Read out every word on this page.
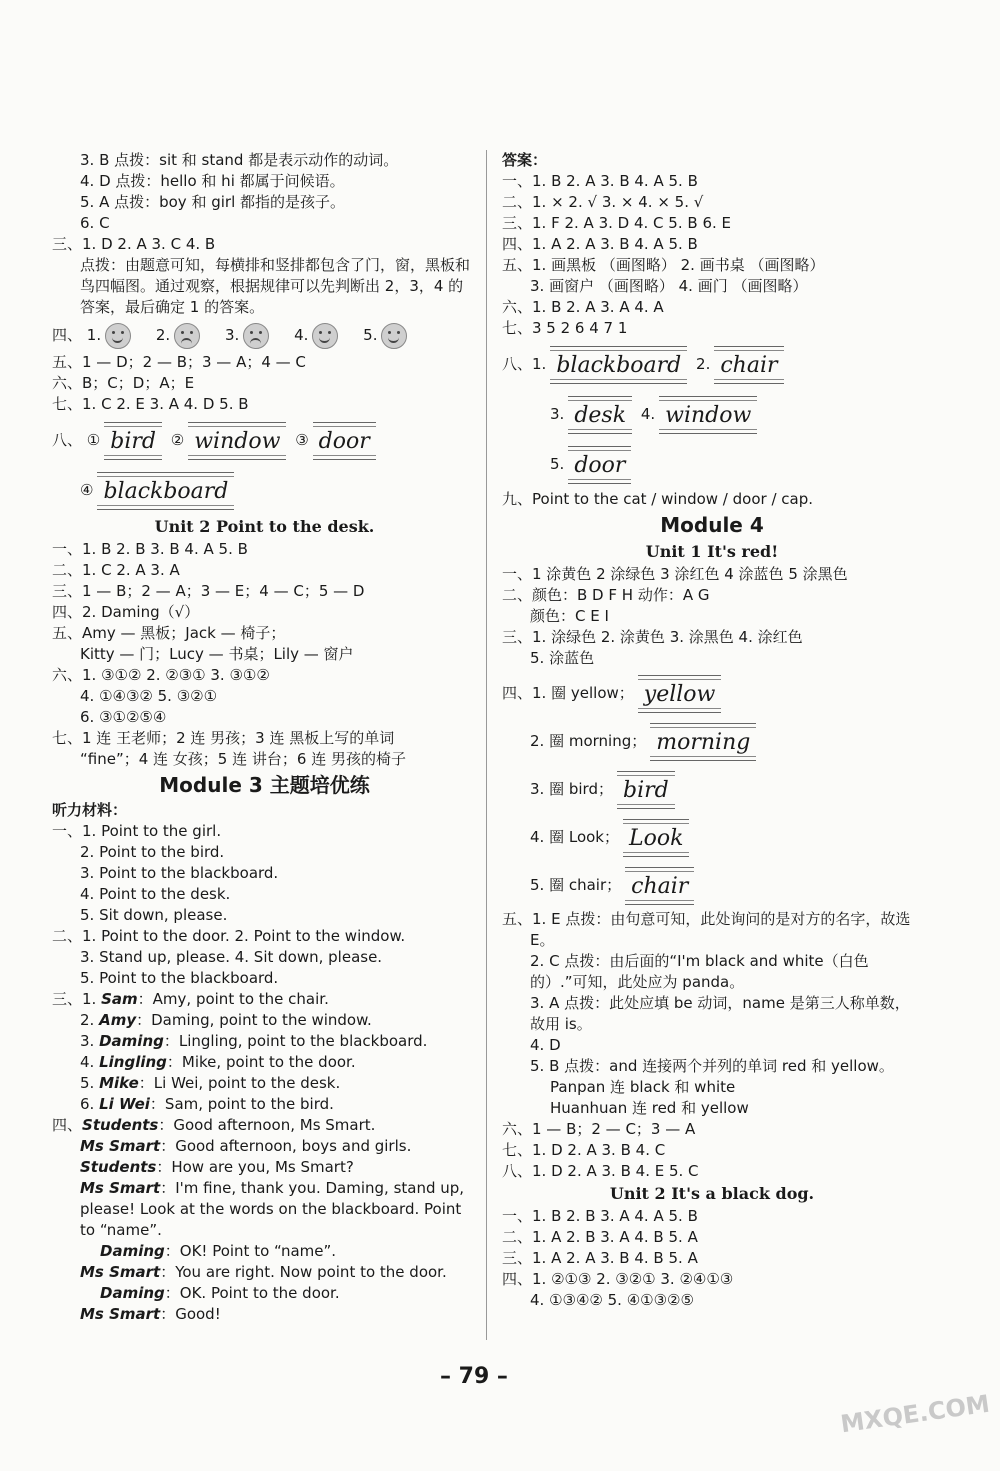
3. B 点拨：sit 和 stand 都是表示动作的动词。
4. D 点拨：hello 和 hi 都属于问候语。
5. A 点拨：boy 和 girl 都指的是孩子。
6. C
三、1. D 2. A 3. C 4. B
点拨：由题意可知，每横排和竖排都包含了门，窗，黑板和鸟四幅图。通过观察，根据规律可以先判断出 2，3，4 的答案，最后确定 1 的答案。
四、 1.	2.	3.	4.	5.
五、1 — D；2 — B；3 — A；4 — C
六、B；C；D；A；E
七、1. C 2. E 3. A 4. D 5. B
八、 ① bird ② window ③ door
④ blackboard
Unit 2 Point to the desk.
一、1. B 2. B 3. B 4. A 5. B
二、1. C 2. A 3. A
三、1 — B；2 — A；3 — E；4 — C；5 — D
四、2. Daming（√）
五、Amy — 黑板；Jack — 椅子；
Kitty — 门；Lucy — 书桌；Lily — 窗户
六、1. ③①② 2. ②③① 3. ③①②
4. ①④③② 5. ③②①
6. ③①②⑤④
七、1 连 王老师；2 连 男孩；3 连 黑板上写的单词
“fine”；4 连 女孩；5 连 讲台；6 连 男孩的椅子
Module 3 主题培优练
听力材料：
一、1. Point to the girl.
2. Point to the bird.
3. Point to the blackboard.
4. Point to the desk.
5. Sit down, please.
二、1. Point to the door. 2. Point to the window.
3. Stand up, please. 4. Sit down, please.
5. Point to the blackboard.
三、1. Sam：Amy, point to the chair.
2. Amy：Daming, point to the window.
3. Daming：Lingling, point to the blackboard.
4. Lingling：Mike, point to the door.
5. Mike：Li Wei, point to the desk.
6. Li Wei：Sam, point to the bird.
四、Students：Good afternoon, Ms Smart.
Ms Smart：Good afternoon, boys and girls.
Students：How are you, Ms Smart?
Ms Smart：I'm fine, thank you. Daming, stand up, please! Look at the words on the blackboard. Point to “name”.
Daming：OK! Point to “name”.
Ms Smart：You are right. Now point to the door.
Daming：OK. Point to the door.
Ms Smart：Good!
答案：
一、1. B 2. A 3. B 4. A 5. B
二、1. × 2. √ 3. × 4. × 5. √
三、1. F 2. A 3. D 4. C 5. B 6. E
四、1. A 2. A 3. B 4. A 5. B
五、1. 画黑板 （画图略） 2. 画书桌 （画图略）
3. 画窗户 （画图略） 4. 画门 （画图略）
六、1. B 2. A 3. A 4. A
七、3 5 2 6 4 7 1
八、1. blackboard 2. chair
3. desk 4. window
5. door
九、Point to the cat / window / door / cap.
Module 4
Unit 1 It's red!
一、1 涂黄色 2 涂绿色 3 涂红色 4 涂蓝色 5 涂黑色
二、颜色：B D F H 动作：A G
颜色：C E I
三、1. 涂绿色 2. 涂黄色 3. 涂黑色 4. 涂红色
5. 涂蓝色
四、1. 圈 yellow； yellow
2. 圈 morning； morning
3. 圈 bird； bird
4. 圈 Look； Look
5. 圈 chair； chair
五、1. E 点拨：由句意可知，此处询问的是对方的名字，故选 E。
2. C 点拨：由后面的“I'm black and white（白色的）.”可知，此处应为 panda。
3. A 点拨：此处应填 be 动词，name 是第三人称单数，故用 is。
4. D
5. B 点拨：and 连接两个并列的单词 red 和 yellow。
Panpan 连 black 和 white
Huanhuan 连 red 和 yellow
六、1 — B；2 — C；3 — A
七、1. D 2. A 3. B 4. C
八、1. D 2. A 3. B 4. E 5. C
Unit 2 It's a black dog.
一、1. B 2. B 3. A 4. A 5. B
二、1. A 2. B 3. A 4. B 5. A
三、1. A 2. A 3. B 4. B 5. A
四、1. ②①③ 2. ③②① 3. ②④①③
4. ①③④② 5. ④①③②⑤
– 79 –
MXQE.COM
